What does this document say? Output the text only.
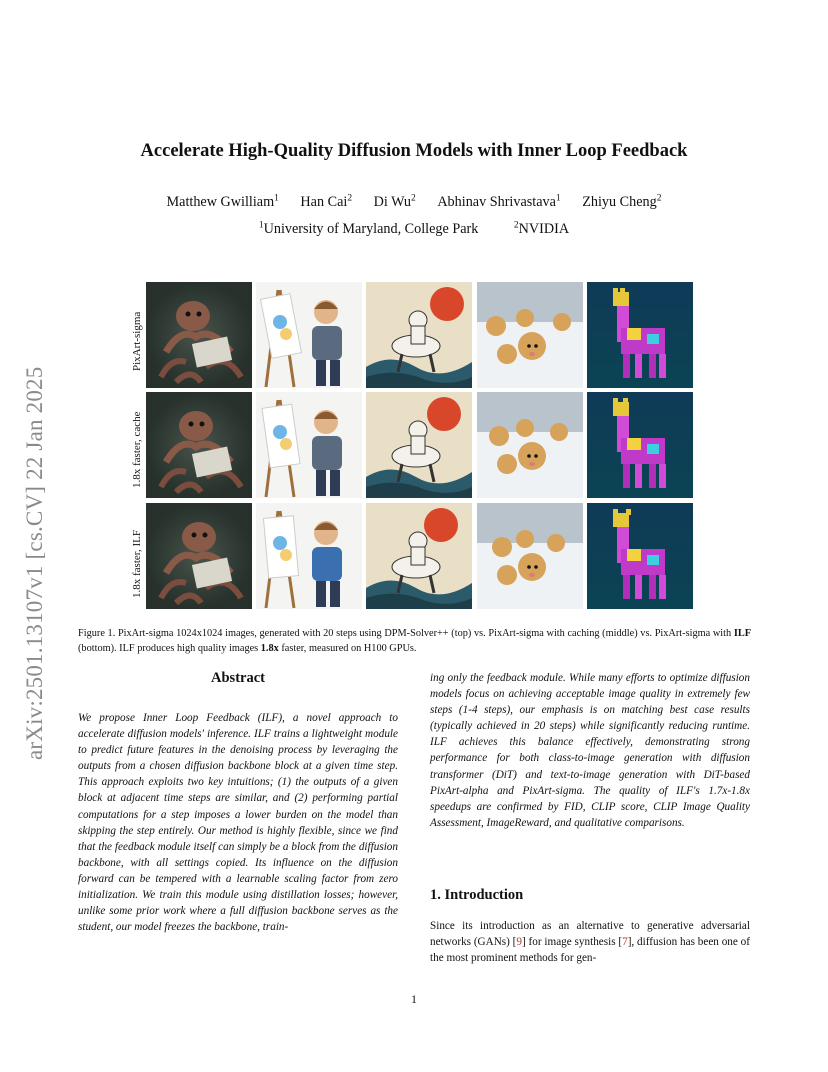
arXiv:2501.13107v1 [cs.CV] 22 Jan 2025
Accelerate High-Quality Diffusion Models with Inner Loop Feedback
Matthew Gwilliam$^1$ Han Cai$^2$ Di Wu$^2$ Abhinav Shrivastava$^1$ Zhiyu Cheng$^2$
$^1$University of Maryland, College Park	$^2$NVIDIA
PixArt-sigma
1.8x faster, cache
1.8x faster, ILF
Figure 1. PixArt-sigma 1024x1024 images, generated with 20 steps using DPM-Solver++ (top) vs. PixArt-sigma with caching (middle) vs. PixArt-sigma with ILF (bottom). ILF produces high quality images 1.8x faster, measured on H100 GPUs.
Abstract
We propose Inner Loop Feedback (ILF), a novel approach to accelerate diffusion models' inference. ILF trains a lightweight module to predict future features in the denoising process by leveraging the outputs from a chosen diffusion backbone block at a given time step. This approach exploits two key intuitions; (1) the outputs of a given block at adjacent time steps are similar, and (2) performing partial computations for a step imposes a lower burden on the model than skipping the step entirely. Our method is highly flexible, since we find that the feedback module itself can simply be a block from the diffusion backbone, with all settings copied. Its influence on the diffusion forward can be tempered with a learnable scaling factor from zero initialization. We train this module using distillation losses; however, unlike some prior work where a full diffusion backbone serves as the student, our model freezes the backbone, train-
ing only the feedback module. While many efforts to optimize diffusion models focus on achieving acceptable image quality in extremely few steps (1-4 steps), our emphasis is on matching best case results (typically achieved in 20 steps) while significantly reducing runtime. ILF achieves this balance effectively, demonstrating strong performance for both class-to-image generation with diffusion transformer (DiT) and text-to-image generation with DiT-based PixArt-alpha and PixArt-sigma. The quality of ILF's 1.7x-1.8x speedups are confirmed by FID, CLIP score, CLIP Image Quality Assessment, ImageReward, and qualitative comparisons.
1. Introduction
Since its introduction as an alternative to generative adversarial networks (GANs) [9] for image synthesis [7], diffusion has been one of the most prominent methods for gen-
1
